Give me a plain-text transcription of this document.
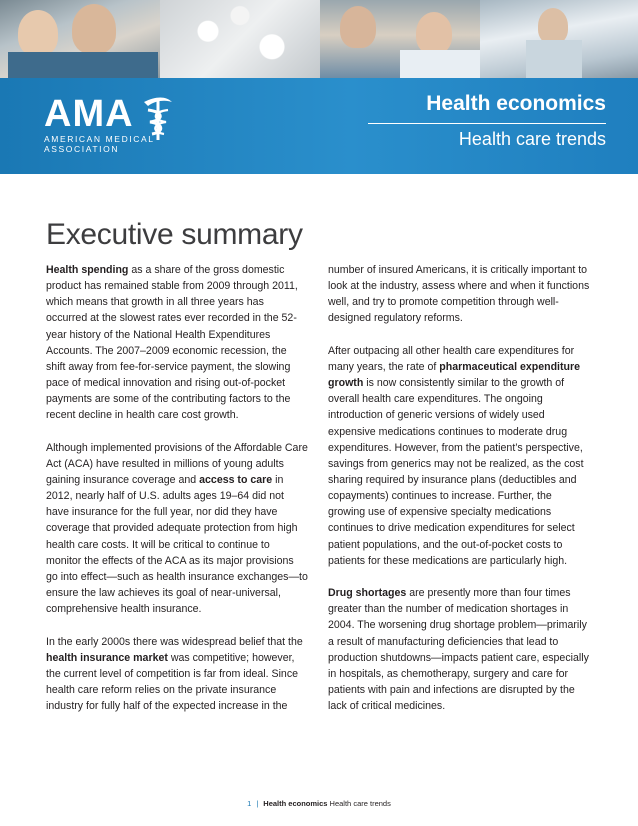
AMA
AMERICAN MEDICAL
ASSOCIATION
Health economics
Health care trends
Executive summary

Health spending as a share of the gross domestic product has remained stable from 2009 through 2011, which means that growth in all three years has occurred at the slowest rates ever recorded in the 52-year history of the National Health Expenditures Accounts. The 2007–2009 economic recession, the shift away from fee-for-service payment, the slowing pace of medical innovation and rising out-of-pocket payments are some of the contributing factors to the recent decline in health care cost growth.

Although implemented provisions of the Affordable Care Act (ACA) have resulted in millions of young adults gaining insurance coverage and access to care in 2012, nearly half of U.S. adults ages 19–64 did not have insurance for the full year, nor did they have coverage that provided adequate protection from high health care costs. It will be critical to continue to monitor the effects of the ACA as its major provisions go into effect—such as health insurance exchanges—to ensure the law achieves its goal of near-universal, comprehensive health insurance.

In the early 2000s there was widespread belief that the health insurance market was competitive; however, the current level of competition is far from ideal. Since health care reform relies on the private insurance industry for fully half of the expected increase in the

number of insured Americans, it is critically important to look at the industry, assess where and when it functions well, and try to promote competition through well-designed regulatory reforms.

After outpacing all other health care expenditures for many years, the rate of pharmaceutical expenditure growth is now consistently similar to the growth of overall health care expenditures. The ongoing introduction of generic versions of widely used expensive medications continues to moderate drug expenditures. However, from the patient’s perspective, savings from generics may not be realized, as the cost sharing required by insurance plans (deductibles and copayments) continues to increase. Further, the growing use of expensive specialty medications continues to drive medication expenditures for select patient populations, and the out-of-pocket costs to patients for these medications are particularly high.

Drug shortages are presently more than four times greater than the number of medication shortages in 2004. The worsening drug shortage problem—primarily a result of manufacturing deficiencies that lead to production shutdowns—impacts patient care, especially in hospitals, as chemotherapy, surgery and care for patients with pain and infections are disrupted by the lack of critical medicines.

1 | Health economics Health care trends
